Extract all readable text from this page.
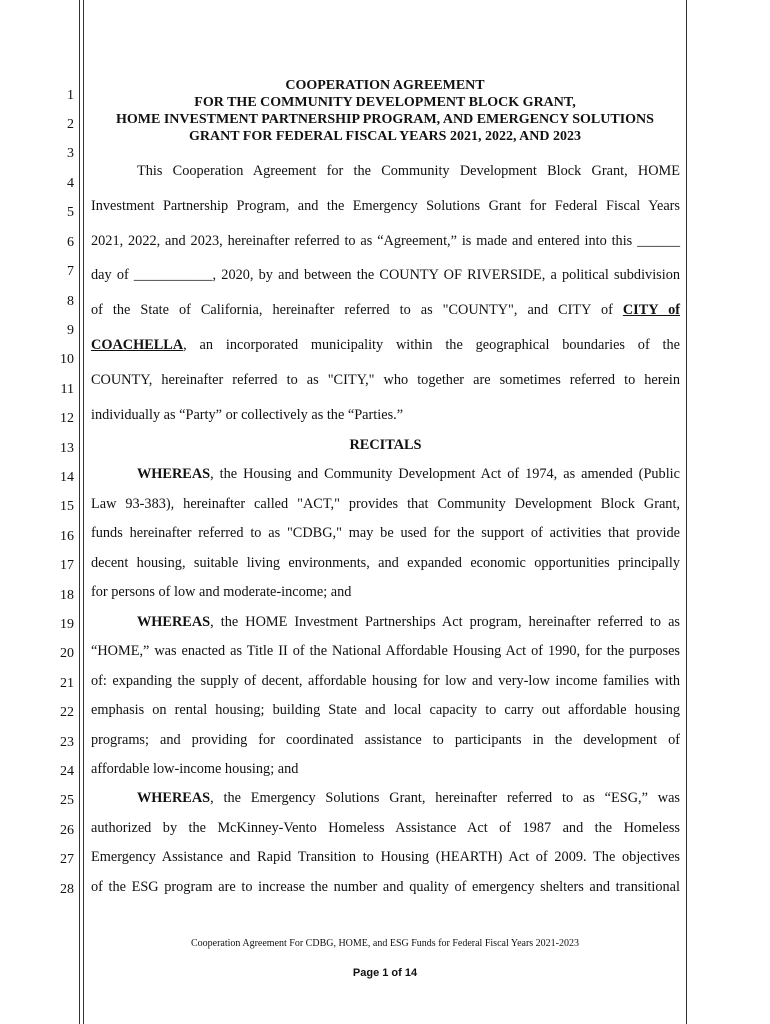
1
2
3
4
5
6
7
8
9
10
11
12
13
14
15
16
17
18
19
20
21
22
23
24
25
26
27
28
COOPERATION AGREEMENT
FOR THE COMMUNITY DEVELOPMENT BLOCK GRANT,
HOME INVESTMENT PARTNERSHIP PROGRAM, AND EMERGENCY SOLUTIONS
GRANT FOR FEDERAL FISCAL YEARS 2021, 2022, AND 2023
This Cooperation Agreement for the Community Development Block Grant, HOME
Investment Partnership Program, and the Emergency Solutions Grant for Federal Fiscal Years
2021, 2022, and 2023, hereinafter referred to as “Agreement,” is made and entered into this ______
day of ___________, 2020, by and between the COUNTY OF RIVERSIDE, a political subdivision
of the State of California, hereinafter referred to as "COUNTY", and CITY of CITY of
COACHELLA, an incorporated municipality within the geographical boundaries of the
COUNTY, hereinafter referred to as "CITY," who together are sometimes referred to herein
individually as “Party” or collectively as the “Parties.”
RECITALS
WHEREAS, the Housing and Community Development Act of 1974, as amended (Public
Law 93-383), hereinafter called "ACT," provides that Community Development Block Grant,
funds hereinafter referred to as "CDBG," may be used for the support of activities that provide
decent housing, suitable living environments, and expanded economic opportunities principally
for persons of low and moderate-income; and
WHEREAS, the HOME Investment Partnerships Act program, hereinafter referred to as
“HOME,” was enacted as Title II of the National Affordable Housing Act of 1990, for the purposes
of: expanding the supply of decent, affordable housing for low and very-low income families with
emphasis on rental housing; building State and local capacity to carry out affordable housing
programs; and providing for coordinated assistance to participants in the development of
affordable low-income housing; and
WHEREAS, the Emergency Solutions Grant, hereinafter referred to as “ESG,” was
authorized by the McKinney-Vento Homeless Assistance Act of 1987 and the Homeless
Emergency Assistance and Rapid Transition to Housing (HEARTH) Act of 2009. The objectives
of the ESG program are to increase the number and quality of emergency shelters and transitional
Cooperation Agreement For CDBG, HOME, and ESG Funds for Federal Fiscal Years 2021-2023
Page 1 of 14
